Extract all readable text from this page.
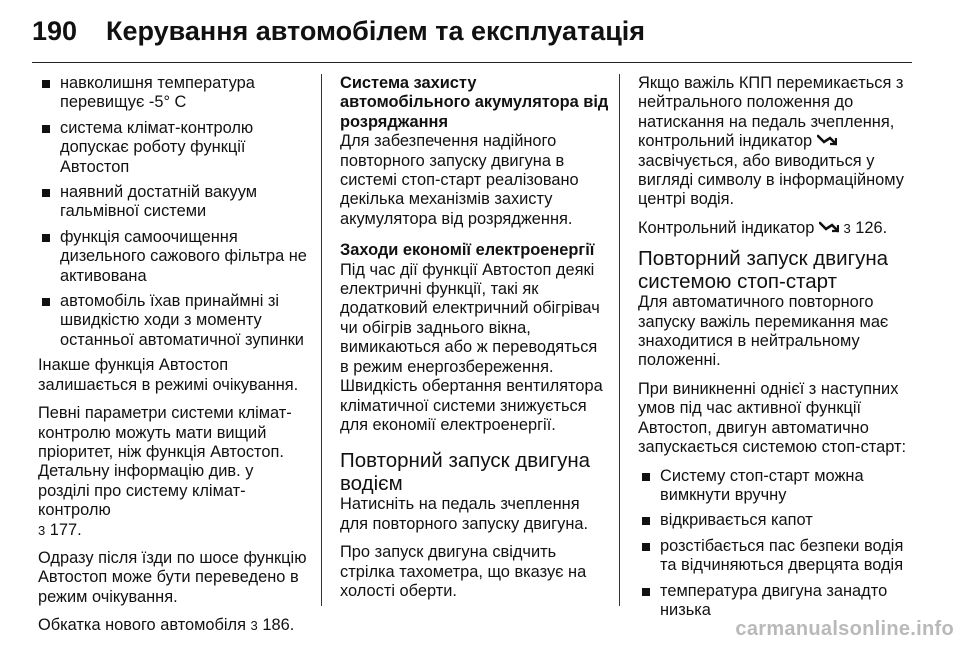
190	Керування автомобілем та експлуатація

навколишня температура перевищує -5° C

система клімат-контролю допускає роботу функції Автостоп

наявний достатній вакуум гальмівної системи

функція самоочищення дизельного сажового фільтра не активована

автомобіль їхав принаймні зі швидкістю ходи з моменту останньої автоматичної зупинки

Інакше функція Автостоп залишається в режимі очікування.

Певні параметри системи клімат-контролю можуть мати вищий пріоритет, ніж функція Автостоп. Детальну інформацію див. у розділі про систему клімат-контролю
3 177.

Одразу після їзди по шосе функцію Автостоп може бути переведено в режим очікування.

Обкатка нового автомобіля 3 186.

Система захисту автомобільного акумулятора від розряджання

Для забезпечення надійного повторного запуску двигуна в системі стоп-старт реалізовано декілька механізмів захисту акумулятора від розрядження.

Заходи економії електроенергії

Під час дії функції Автостоп деякі електричні функції, такі як додатковий електричний обігрівач чи обігрів заднього вікна, вимикаються або ж переводяться в режим енергозбереження. Швидкість обертання вентилятора кліматичної системи знижується для економії електроенергії.

Повторний запуск двигуна водієм

Натисніть на педаль зчеплення для повторного запуску двигуна.

Про запуск двигуна свідчить стрілка тахометра, що вказує на холості оберти.

Якщо важіль КПП перемикається з нейтрального положення до натискання на педаль зчеплення, контрольний індикатор  засвічується, або виводиться у вигляді символу в інформаційному центрі водія.

Контрольний індикатор 3 126.

Повторний запуск двигуна системою стоп-старт

Для автоматичного повторного запуску важіль перемикання має знаходитися в нейтральному положенні.

При виникненні однієї з наступних умов під час активної функції Автостоп, двигун автоматично запускається системою стоп-старт:

Систему стоп-старт можна вимкнути вручну

відкривається капот

розстібається пас безпеки водія та відчиняються дверцята водія

температура двигуна занадто низька

carmanualsonline.info
